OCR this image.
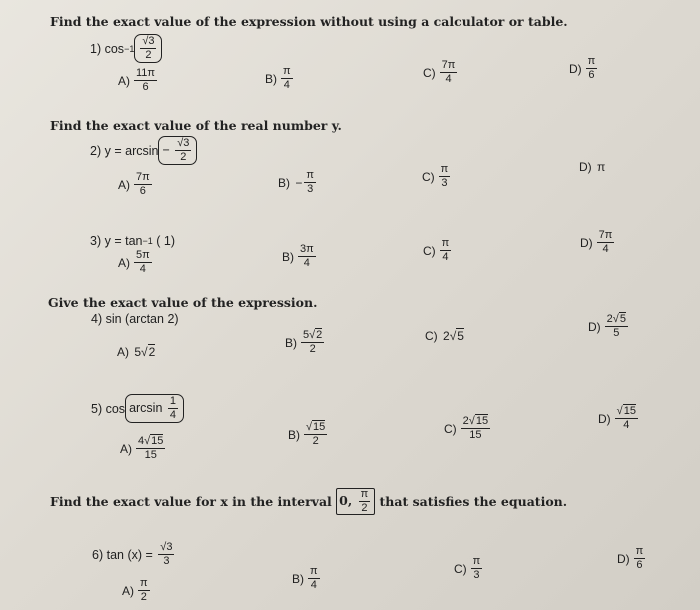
Find the exact value of the expression without using a calculator or table.
1)
$\cos -1 \frac{√3}{2}$
$A) \frac{11\pi}{6}$	$B) \frac{\pi}{4}$	$C) \frac{7\pi}{4}$	$D) \frac{\pi}{6}$
Find the exact value of the real number y.
2)
y =
$\arcsin - \frac{√3}{2}$
$A) \frac{7\pi}{6}$	B)
− $\frac{\pi}{3}$	$C) \frac{\pi}{3}$	D)
π
3)
y =
tan −1
( 1)
$A) \frac{5\pi}{4}$	$B) \frac{3\pi}{4}$	$C) \frac{\pi}{4}$	$D) \frac{7\pi}{4}$
Give the exact value of the expression.
4) sin (arctan 2)
A)
5 √ 2
$B) \frac{5√2}{2}$	C)
2 √ 5
$D) \frac{2√5}{5}$
5)
$\cos \arcsin \frac{1}{4}$
$A) \frac{4√15}{15}$
$B) \frac{√15}{2}$	$C) \frac{2√15}{15}$	$D) \frac{√15}{4}$
Find the exact value for x in the interval
0, $\frac{\pi}{2}$
that satisfies the equation.
6)
tan (x) =
$\frac{√3}{3}$
$A) \frac{\pi}{2}$	$B) \frac{\pi}{4}$	$C) \frac{\pi}{3}$	$D) \frac{\pi}{6}$
